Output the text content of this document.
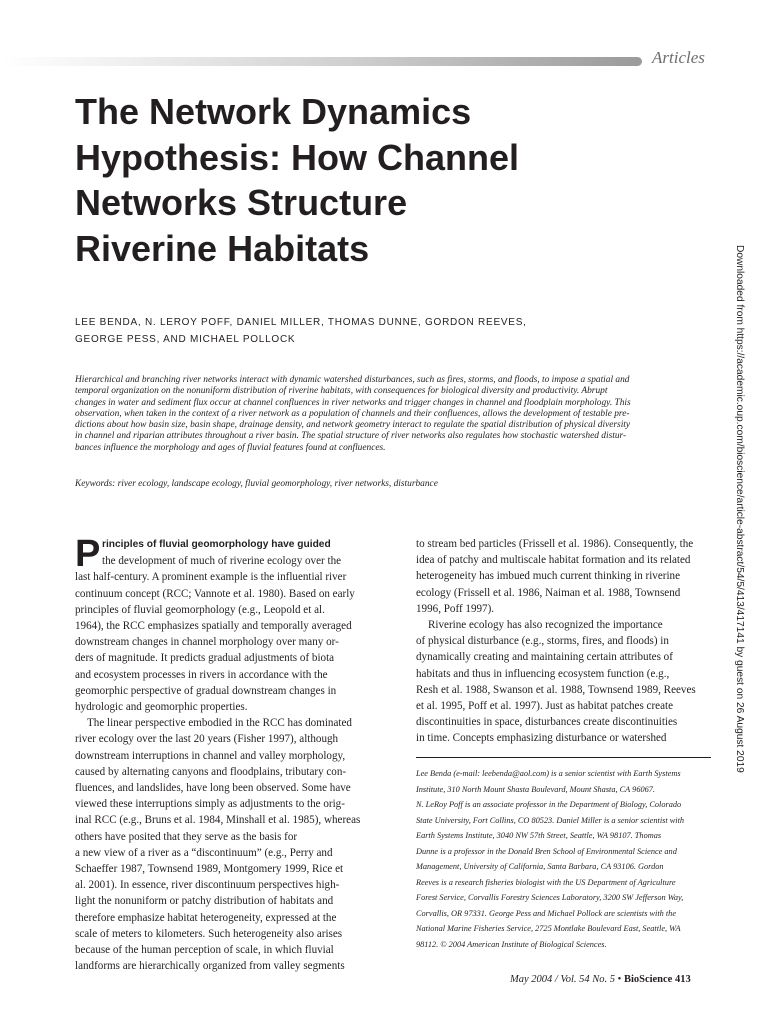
Articles
The Network Dynamics
Hypothesis: How Channel
Networks Structure
Riverine Habitats
LEE BENDA, N. LEROY POFF, DANIEL MILLER, THOMAS DUNNE, GORDON REEVES,
GEORGE PESS, AND MICHAEL POLLOCK
Hierarchical and branching river networks interact with dynamic watershed disturbances, such as fires, storms, and floods, to impose a spatial and
temporal organization on the nonuniform distribution of riverine habitats, with consequences for biological diversity and productivity. Abrupt
changes in water and sediment flux occur at channel confluences in river networks and trigger changes in channel and floodplain morphology. This
observation, when taken in the context of a river network as a population of channels and their confluences, allows the development of testable pre-
dictions about how basin size, basin shape, drainage density, and network geometry interact to regulate the spatial distribution of physical diversity
in channel and riparian attributes throughout a river basin. The spatial structure of river networks also regulates how stochastic watershed distur-
bances influence the morphology and ages of fluvial features found at confluences.
Keywords: river ecology, landscape ecology, fluvial geomorphology, river networks, disturbance
P rinciples of fluvial geomorphology have guided
the development of much of riverine ecology over the
last half-century. A prominent example is the influential river
continuum concept (RCC; Vannote et al. 1980). Based on early
principles of fluvial geomorphology (e.g., Leopold et al.
1964), the RCC emphasizes spatially and temporally averaged
downstream changes in channel morphology over many or-
ders of magnitude. It predicts gradual adjustments of biota
and ecosystem processes in rivers in accordance with the
geomorphic perspective of gradual downstream changes in
hydrologic and geomorphic properties.
The linear perspective embodied in the RCC has dominated
river ecology over the last 20 years (Fisher 1997), although
downstream interruptions in channel and valley morphology,
caused by alternating canyons and floodplains, tributary con-
fluences, and landslides, have long been observed. Some have
viewed these interruptions simply as adjustments to the orig-
inal RCC (e.g., Bruns et al. 1984, Minshall et al. 1985), whereas
others have posited that they serve as the basis for
a new view of a river as a “discontinuum” (e.g., Perry and
Schaeffer 1987, Townsend 1989, Montgomery 1999, Rice et
al. 2001). In essence, river discontinuum perspectives high-
light the nonuniform or patchy distribution of habitats and
therefore emphasize habitat heterogeneity, expressed at the
scale of meters to kilometers. Such heterogeneity also arises
because of the human perception of scale, in which fluvial
landforms are hierarchically organized from valley segments
to stream bed particles (Frissell et al. 1986). Consequently, the
idea of patchy and multiscale habitat formation and its related
heterogeneity has imbued much current thinking in riverine
ecology (Frissell et al. 1986, Naiman et al. 1988, Townsend
1996, Poff 1997).
Riverine ecology has also recognized the importance
of physical disturbance (e.g., storms, fires, and floods) in
dynamically creating and maintaining certain attributes of
habitats and thus in influencing ecosystem function (e.g.,
Resh et al. 1988, Swanson et al. 1988, Townsend 1989, Reeves
et al. 1995, Poff et al. 1997). Just as habitat patches create
discontinuities in space, disturbances create discontinuities
in time. Concepts emphasizing disturbance or watershed
Lee Benda (e-mail: leebenda@aol.com) is a senior scientist with Earth Systems
Institute, 310 North Mount Shasta Boulevard, Mount Shasta, CA 96067.
N. LeRoy Poff is an associate professor in the Department of Biology, Colorado
State University, Fort Collins, CO 80523. Daniel Miller is a senior scientist with
Earth Systems Institute, 3040 NW 57th Street, Seattle, WA 98107. Thomas
Dunne is a professor in the Donald Bren School of Environmental Science and
Management, University of California, Santa Barbara, CA 93106. Gordon
Reeves is a research fisheries biologist with the US Department of Agriculture
Forest Service, Corvallis Forestry Sciences Laboratory, 3200 SW Jefferson Way,
Corvallis, OR 97331. George Pess and Michael Pollock are scientists with the
National Marine Fisheries Service, 2725 Montlake Boulevard East, Seattle, WA
98112. © 2004 American Institute of Biological Sciences.
May 2004 / Vol. 54 No. 5 • BioScience 413
Downloaded from https://academic.oup.com/bioscience/article-abstract/54/5/413/417141 by guest on 26 August 2019
